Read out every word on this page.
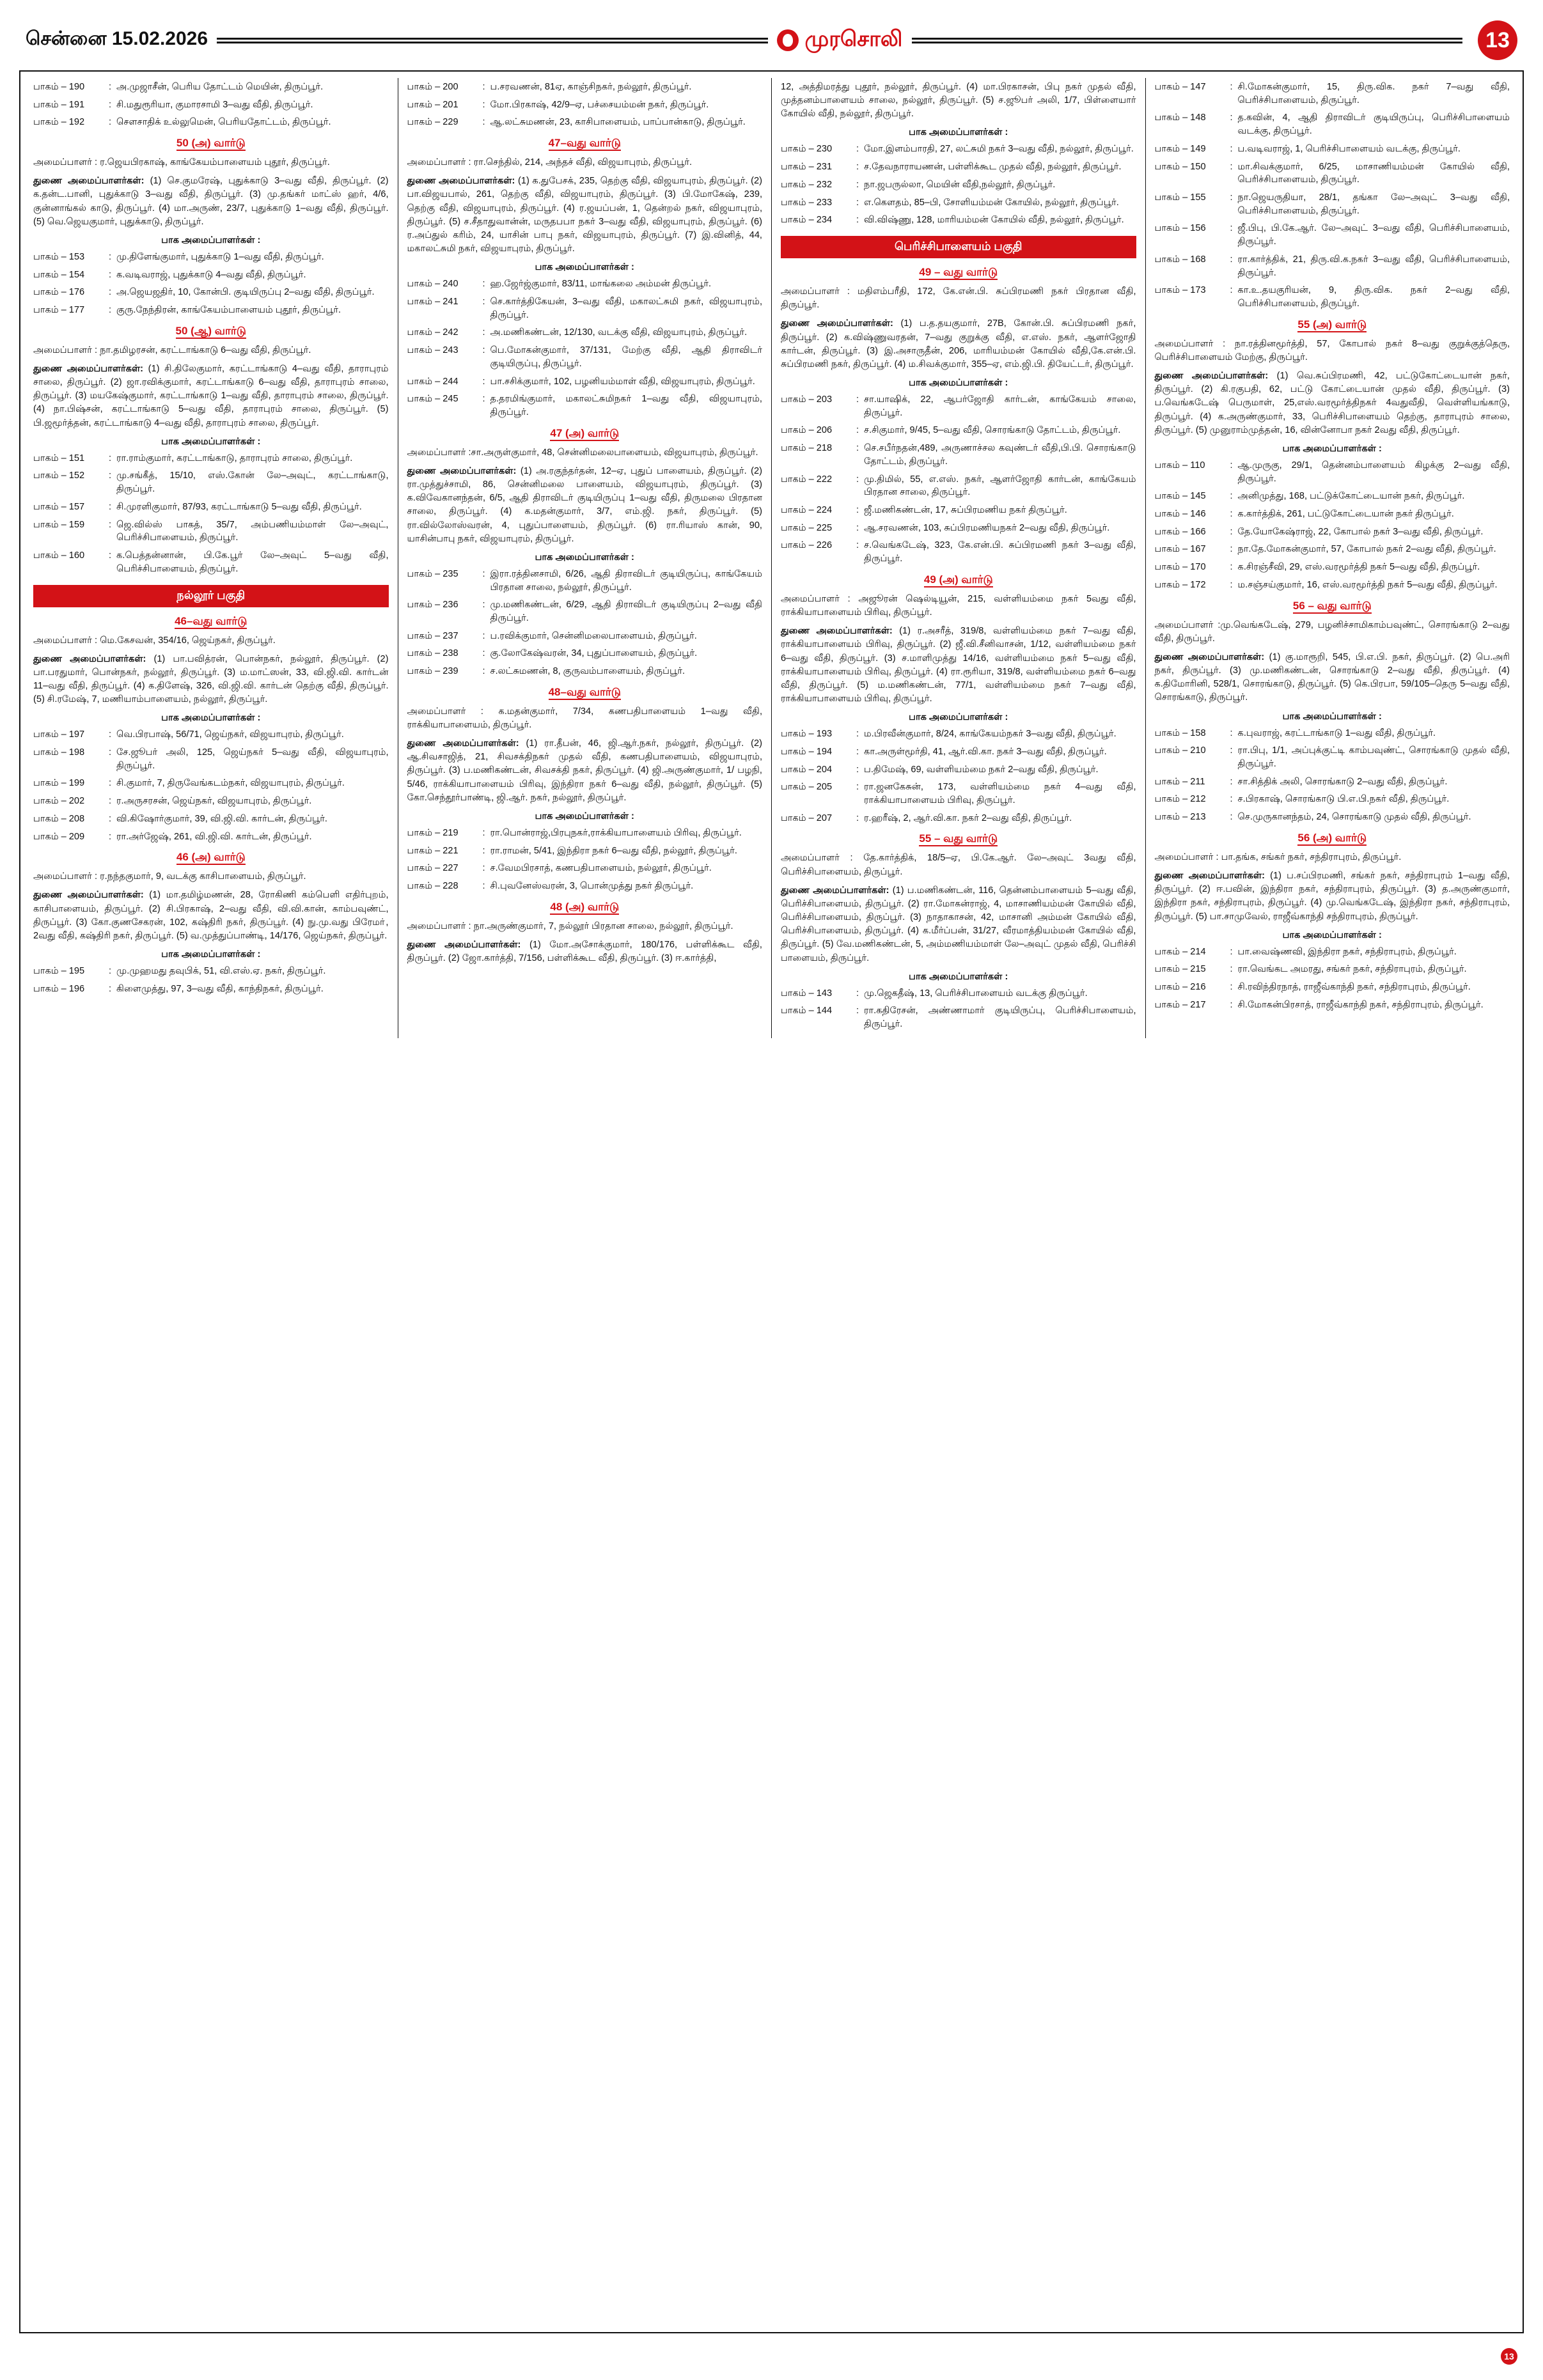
சென்னை 15.02.2026	முரசொலி	13
பாகம் – 190	: அ.முஜாசீன், பெரிய தோட்டம் மெயின், திருப்பூர்.
பாகம் – 191	: சி.மதுரூரியா, குமாரசாமி 3–வது வீதி, திருப்பூர்.
பாகம் – 192	: சௌசாதிக் உல்லுமென், பெரியதோட்டம், திருப்பூர்.
50 (அ) வார்டு
அமைப்பாளர் : ர.ஜெயபிரகாஷ், காங்கேயம்பாளையம் புதூர், திருப்பூர்.
துணை அமைப்பாளர்கள்: (1) செ.குமரேஷ், புதுக்காடு 3–வது வீதி, திருப்பூர். (2) க.தன்ட.பானி, புதுக்காடு 3–வது வீதி, திருப்பூர். (3) மு.தங்கர் மாட்ஸ் ஹர், 4/6, குன்னாங்கல் காடு, திருப்பூர். (4) மா.அருண், 23/7, புதுக்காடு 1–வது வீதி, திருப்பூர். (5) வெ.ஜெயகுமார், புதுக்காடு, திருப்பூர்.
பாக அமைப்பாளர்கள் :
பாகம் – 153	: மு.திளேங்குமார், புதுக்காடு 1–வது வீதி, திருப்பூர்.
பாகம் – 154	: க.வடிவராஜ், புதுக்காடு 4–வது வீதி, திருப்பூர்.
பாகம் – 176	: அ.ஜெயஜதிர், 10, கோன்பி. குடியிருப்பு 2–வது வீதி, திருப்பூர்.
பாகம் – 177	: குரு.நேந்திரன், காங்கேயம்பாளையம் புதூர், திருப்பூர்.
50 (ஆ) வார்டு
அமைப்பாளர் : நா.தமிழரசன், கரட்டாங்காடு 6–வது வீதி, திருப்பூர்.
துணை அமைப்பாளர்கள்: (1) சி.திலேகுமார், கரட்டாங்காடு 4–வது வீதி, தாராபுரம் சாலை, திருப்பூர். (2) ஜா.ரவிக்குமார், கரட்டாங்காடு 6–வது வீதி, தாராபுரம் சாலை, திருப்பூர். (3) மயகேஷ்குமார், கரட்டாங்காடு 1–வது வீதி, தாராபுரம் சாலை, திருப்பூர். (4) நா.பிஷ்சன், கரட்டாங்காடு 5–வது வீதி, தாராபுரம் சாலை, திருப்பூர். (5) பி.ஜமூர்த்தன், கரட்டாங்காடு 4–வது வீதி, தாராபுரம் சாலை, திருப்பூர்.
பாக அமைப்பாளர்கள் :
பாகம் – 151	: ரா.ராம்குமார், கரட்டாங்காடு, தாராபுரம் சாலை, திருப்பூர்.
பாகம் – 152	: மு.சங்கீத், 15/10, எஸ்.கோன் லே–அவுட், கரட்டாங்காடு, திருப்பூர்.
பாகம் – 157	: சி.முரளிகுமார், 87/93, கரட்டாங்காடு 5–வது வீதி, திருப்பூர்.
பாகம் – 159	: ஜெ.வில்ஸ் பாகத், 35/7, அம்பணியம்மாள் லே–அவுட், பெரிச்சிபாளையம், திருப்பூர்.
பாகம் – 160	: க.பெத்தன்னான், பி.கே.பூர் லே–அவுட் 5–வது வீதி, பெரிச்சிபாளையம், திருப்பூர்.
நல்லூர் பகுதி
46–வது வார்டு
அமைப்பாளர் : மெ.கேசவன், 354/16, ஜெய்நகர், திருப்பூர்.
துணை அமைப்பாளர்கள்: (1) பா.பவித்ரன், பொன்நகர், நல்லூர், திருப்பூர். (2) பா.பரதுமார், பொன்நகர், நல்லூர், திருப்பூர். (3) ம.மாட்ஸன், 33, வி.ஜி.வி. கார்டன் 11–வது வீதி, திருப்பூர். (4) க.திளேஷ், 326, வி.ஜி.வி. கார்டன் தெற்கு வீதி, திருப்பூர். (5) சி.ரமேஷ், 7, மணியாம்பாளையம், நல்லூர், திருப்பூர்.
பாக அமைப்பாளர்கள் :
பாகம் – 197	: வெ.பிரபாஷ், 56/71, ஜெய்நகர், விஜயாபுரம், திருப்பூர்.
பாகம் – 198	: சே.ஜூபர் அலி, 125, ஜெய்நகர் 5–வது வீதி, விஜயாபுரம், திருப்பூர்.
பாகம் – 199	: சி.குமார், 7, திருவேங்கடம்நகர், விஜயாபுரம், திருப்பூர்.
பாகம் – 202	: ர.அருசரசன், ஜெய்நகர், விஜயாபுரம், திருப்பூர்.
பாகம் – 208	: வி.கிஷோர்குமார், 39, வி.ஜி.வி. கார்டன், திருப்பூர்.
பாகம் – 209	: ரா.அர்ஜேஷ், 261, வி.ஜி.வி. கார்டன், திருப்பூர்.
46 (அ) வார்டு
அமைப்பாளர் : ர.நந்தகுமார், 9, வடக்கு காசிபாளையம், திருப்பூர்.
துணை அமைப்பாளர்கள்: (1) மா.தமிழ்மணன், 28, ரோகிணி கம்பெளி எதிர்புறம், காசிபாளையம், திருப்பூர். (2) சி.பிரகாஷ், 2–வது வீதி, வி.வி.கான், காம்பவுண்ட், திருப்பூர். (3) கோ.குணசேகரன், 102, கஷ்திரி நகர், திருப்பூர். (4) நு.மு.வது பிரேமா், 2வது வீதி, கஷ்திரி நகர், திருப்பூர். (5) வ.முத்துப்பாண்டி, 14/176, ஜெய்நகர், திருப்பூர்.
பாக அமைப்பாளர்கள் :
பாகம் – 195	: மு.முஹமது தவுபிக், 51, வி.எஸ்.ஏ. நகர், திருப்பூர்.
பாகம் – 196	: கிளைமுத்து, 97, 3–வது வீதி, காந்திநகர், திருப்பூர்.
பாகம் – 200	: ப.சரவணன், 81ஏ, காஞ்சிநகர், நல்லூர், திருப்பூர்.
பாகம் – 201	: மோ.பிரகாஷ், 42/9–ஏ, பச்சையம்மன் நகர், திருப்பூர்.
பாகம் – 229	: ஆ.லட்சுமணன், 23, காசிபாளையம், பாப்பான்காடு, திருப்பூர்.
47–வது வார்டு
அமைப்பாளர் : ரா.செந்தில், 214, அந்தச் வீதி, விஜயாபுரம், திருப்பூர்.
துணை அமைப்பாளர்கள்: (1) க.துபேசக், 235, தெற்கு வீதி, விஜயாபுரம், திருப்பூர். (2) பா.விஜயபால், 261, தெற்கு வீதி, விஜயாபுரம், திருப்பூர். (3) பி.மோகேஷ், 239, தெற்கு வீதி, விஜயாபுரம், திருப்பூர். (4) ர.ஜயப்பன், 1, தென்றல் நகர், விஜயாபுரம், திருப்பூர். (5) ச.சீதாதுவான்ன், மருதபபா நகர் 3–வது வீதி, விஜயாபுரம், திருப்பூர். (6) ர.அப்துல் கரிம், 24, யாசின் பாபு நகர், விஜயாபுரம், திருப்பூர். (7) இ.வினித், 44, மகாலட்சுமி நகர், விஜயாபுரம், திருப்பூர்.
பாக அமைப்பாளர்கள் :
பாகம் – 240	: ஹ.ஜேர்ஜ்குமார், 83/11, மாங்கலை அம்மன் திருப்பூர்.
பாகம் – 241	: செ.கார்த்திகேயன், 3–வது வீதி, மகாலட்சுமி நகர், விஜயாபுரம், திருப்பூர்.
பாகம் – 242	: அ.மணிகண்டன், 12/130, வடக்கு வீதி, விஜயாபுரம், திருப்பூர்.
பாகம் – 243	: பெ.மோகன்குமார், 37/131, மேற்கு வீதி, ஆதி திராவிடர் குடியிருப்பு, திருப்பூர்.
பாகம் – 244	: பா.சசிக்குமார், 102, பழனியம்மாள் வீதி, விஜயாபுரம், திருப்பூர்.
பாகம் – 245	: த.தரமிங்குமார், மகாலட்சுமிநகர் 1–வது வீதி, விஜயாபுரம், திருப்பூர்.
47 (அ) வார்டு
அமைப்பாளர் :சா.அருள்குமார், 48, சென்னிமலைபாளையம், விஜயாபுரம், திருப்பூர்.
துணை அமைப்பாளர்கள்: (1) அ.ரகுந்தர்தன், 12–ஏ, புதுப் பாளையம், திருப்பூர். (2) ரா.முத்துச்சாமி, 86, சென்னிமலை பாளையம், விஜயாபுரம், திருப்பூர். (3) க.விவேகானந்தன், 6/5, ஆதி திராவிடர் குடியிருப்பு 1–வது வீதி, திருமலை பிரதான சாலை, திருப்பூர். (4) க.மதன்குமார், 3/7, எம்.ஜி. நகர், திருப்பூர். (5) ரா.வில்லோஸ்வரன், 4, புதுப்பாளையம், திருப்பூர். (6) ரா.ரியாஸ் கான், 90, யாசின்பாபு நகர், விஜயாபுரம், திருப்பூர்.
பாக அமைப்பாளர்கள் :
பாகம் – 235	: இரா.ரத்தினசாமி, 6/26, ஆதி திராவிடர் குடியிருப்பு, காங்கேயம் பிரதான சாலை, நல்லூர், திருப்பூர்.
பாகம் – 236	: மு.மணிகண்டன், 6/29, ஆதி திராவிடர் குடியிருப்பு 2–வது வீதி திருப்பூர்.
பாகம் – 237	: ப.ரவிக்குமார், சென்னிமலைபாளையம், திருப்பூர்.
பாகம் – 238	: கு.லோகேஷ்வரன், 34, புதுப்பாளையம், திருப்பூர்.
பாகம் – 239	: ச.லட்சுமணன், 8, குருவம்பாளையம், திருப்பூர்.
48–வது வார்டு
அமைப்பாளர் : க.மதன்குமார், 7/34, கணபதிபாளையம் 1–வது வீதி, ராக்கியாபாளையம், திருப்பூர்.
துணை அமைப்பாளர்கள்: (1) ரா.தீபன், 46, ஜி.ஆர்.நகர், நல்லூர், திருப்பூர். (2) ஆ.சிவசாஜித், 21, சிவசக்திநகர் முதல் வீதி, கணபதிபாளையம், விஜயாபுரம், திருப்பூர். (3) ப.மணிகண்டன், சிவசக்தி நகர், திருப்பூர். (4) ஜி.அருண்குமார், 1/ பழநி, 5/46, ராக்கியாபாளையம் பிரிவு, இந்திரா நகர் 6–வது வீதி, நல்லூர், திருப்பூர். (5) கோ.செந்தூர்பாண்டி, ஜி.ஆர். நகர், நல்லூர், திருப்பூர்.
பாக அமைப்பாளர்கள் :
பாகம் – 219	: ரா.பொன்ராஜ்,பிரபுநகர்,ராக்கியாபாளையம் பிரிவு, திருப்பூர்.
பாகம் – 221	: ரா.ராமன், 5/41, இந்திரா நகர் 6–வது வீதி, நல்லூர், திருப்பூர்.
பாகம் – 227	: ச.வேமபிரசாத், கணபதிபாளையம், நல்லூர், திருப்பூர்.
பாகம் – 228	: சி.புவனேஸ்வரன், 3, பொன்முத்து நகர் திருப்பூர்.
48 (அ) வார்டு
அமைப்பாளர் : நா.அருண்குமார், 7, நல்லூர் பிரதான சாலை, நல்லூர், திருப்பூர்.
துணை அமைப்பாளர்கள்: (1) மோ.அசோக்குமார், 180/176, பள்ளிக்கூட வீதி, திருப்பூர். (2) ஜோ.கார்த்தி, 7/156, பள்ளிக்கூட வீதி, திருப்பூர். (3) ஈ.கார்த்தி,
12, அத்திமரத்து புதூர், நல்லூர், திருப்பூர். (4) மா.பிரகாசன், பிபு நகர் முதல் வீதி, முத்தனம்பாளையம் சாலை, நல்லூர், திருப்பூர். (5) ச.ஜூபர் அலி, 1/7, பிள்ளையார் கோயில் வீதி, நல்லூர், திருப்பூர்.
பாக அமைப்பாளர்கள் :
பாகம் – 230	: மோ.இளம்பாரதி, 27, லட்சுமி நகர் 3–வது வீதி, நல்லூர், திருப்பூர்.
பாகம் – 231	: ச.தேவநாராயணன், பள்ளிக்கூட முதல் வீதி, நல்லூர், திருப்பூர்.
பாகம் – 232	: நா.ஜபருல்லா, மெயின் வீதி,நல்லூர், திருப்பூர்.
பாகம் – 233	: எ.கௌதம், 85–பி, சோளியம்மன் கோயில், நல்லூர், திருப்பூர்.
பாகம் – 234	: வி.விஷ்ணு, 128, மாரியம்மன் கோயில் வீதி, நல்லூர், திருப்பூர்.
பெரிச்சிபாளையம் பகுதி
49 – வது வார்டு
அமைப்பாளர் : மதிஎம்பரீதி, 172, கே.என்.பி. சுப்பிரமணி நகர் பிரதான வீதி, திருப்பூர்.
துணை அமைப்பாளர்கள்: (1) ப.த.தயகுமார், 27B, கோன்.பி. சுப்பிரமணி நகர், திருப்பூர். (2) க.விஷ்ணுவரதன், 7–வது குறுக்கு வீதி, எ.எஸ். நகர், ஆளர்ஜோதி கார்டன், திருப்பூர். (3) இ.அசாருதீன், 206, மாரியம்மன் கோயில் வீதி,கே.என்.பி. சுப்பிரமணி நகர், திருப்பூர். (4) ம.சிவக்குமார், 355–ஏ, எம்.ஜி.பி. தியேட்டர், திருப்பூர்.
பாக அமைப்பாளர்கள் :
பாகம் – 203	: சா.யாஷிக், 22, ஆபர்ஜோதி கார்டன், காங்கேயம் சாலை, திருப்பூர்.
பாகம் – 206	: ச.சிகுமார், 9/45, 5–வது வீதி, சொரங்காடு தோட்டம், திருப்பூர்.
பாகம் – 218	: செ.சபீர்நதன்,489, அருணாச்சல கவுண்டர் வீதி,பி.பி. சொரங்காடு தோட்டம், திருப்பூர்.
பாகம் – 222	: மு.திமில், 55, எ.எஸ். நகர், ஆளர்ஜோதி கார்டன், காங்கேயம் பிரதான சாலை, திருப்பூர்.
பாகம் – 224	: ஜீ.மணிகண்டன், 17, சுப்பிரமணிய நகர் திருப்பூர்.
பாகம் – 225	: ஆ.சரவணன், 103, சுப்பிரமணியநகர் 2–வது வீதி, திருப்பூர்.
பாகம் – 226	: ச.வெங்கடேஷ், 323, கே.என்.பி. சுப்பிரமணி நகர் 3–வது வீதி, திருப்பூர்.
49 (அ) வார்டு
அமைப்பாளர் : அஜூரன் ஷெல்டியூன், 215, வள்ளியம்மை நகர் 5வது வீதி, ராக்கியாபாளையம் பிரிவு, திருப்பூர்.
துணை அமைப்பாளர்கள்: (1) ர.அசரீத், 319/8, வள்ளியம்மை நகர் 7–வது வீதி, ராக்கியாபாளையம் பிரிவு, திருப்பூர். (2) ஜீ.வி.சீனிவாசன், 1/12, வள்ளியம்மை நகர் 6–வது வீதி, திருப்பூர். (3) ச.மாளிமுத்து 14/16, வள்ளியம்மை நகர் 5–வது வீதி, ராக்கியாபாளையம் பிரிவு, திருப்பூர். (4) ரா.ரூரியா, 319/8, வள்ளியம்மை நகர் 6–வது வீதி, திருப்பூர். (5) ம.மணிகண்டன், 77/1, வள்ளியம்மை நகர் 7–வது வீதி, ராக்கியாபாளையம் பிரிவு, திருப்பூர்.
பாக அமைப்பாளர்கள் :
பாகம் – 193	: ம.பிரவீன்குமார், 8/24, காங்கேயம்நகர் 3–வது வீதி, திருப்பூர்.
பாகம் – 194	: கா.அருள்மூர்தி, 41, ஆர்.வி.கா. நகர் 3–வது வீதி, திருப்பூர்.
பாகம் – 204	: ப.திமேஷ், 69, வள்ளியம்மை நகர் 2–வது வீதி, திருப்பூர்.
பாகம் – 205	: ரா.ஜனகேசுன், 173, வள்ளியம்மை நகர் 4–வது வீதி, ராக்கியாபாளையம் பிரிவு, திருப்பூர்.
பாகம் – 207	: ர.ஹரீஷ், 2, ஆர்.வி.கா. நகர் 2–வது வீதி, திருப்பூர்.
55 – வது வார்டு
அமைப்பாளர் : தே.கார்த்திக், 18/5–ஏ, பி.கே.ஆர். லே–அவுட் 3வது வீதி, பெரிச்சிபாளையம், திருப்பூர்.
துணை அமைப்பாளர்கள்: (1) ப.மணிகண்டன், 116, தென்னம்பாளையம் 5–வது வீதி, பெரிச்சிபாளையம், திருப்பூர். (2) ரா.மோகன்ராஜ், 4, மாசாணியம்மன் கோயில் வீதி, பெரிச்சிபாளையம், திருப்பூர். (3) நாதாகாசன், 42, மாசானி அம்மன் கோயில் வீதி, பெரிச்சிபாளையம், திருப்பூர். (4) க.மீர்ப்பன், 31/27, வீரமாத்தியம்மன் கோயில் வீதி, திருப்பூர். (5) வே.மணிகண்டன், 5, அம்மணியம்மாள் லே–அவுட் முதல் வீதி, பெரிச்சி பாளையம், திருப்பூர்.
பாக அமைப்பாளர்கள் :
பாகம் – 143	: மு.ஜெகதீஷ், 13, பெரிச்சிபாளையம் வடக்கு திருப்பூர்.
பாகம் – 144	: ரா.கதிரேசன், அண்ணாமார் குடியிருப்பு, பெரிச்சிபாளையம், திருப்பூர்.
பாகம் – 147	: சி.மோகன்குமார், 15, திரு.விக. நகர் 7–வது வீதி, பெரிச்சிபாளையம், திருப்பூர்.
பாகம் – 148	: த.கவின், 4, ஆதி திராவிடர் குடியிருப்பு, பெரிச்சிபாளையம் வடக்கு, திருப்பூர்.
பாகம் – 149	: ப.வடிவராஜ், 1, பெரிச்சிபாளையம் வடக்கு, திருப்பூர்.
பாகம் – 150	: மா.சிவக்குமார், 6/25, மாசாணியம்மன் கோயில் வீதி, பெரிச்சிபாளையம், திருப்பூர்.
பாகம் – 155	: நா.ஜெயருதியா, 28/1, தங்கா லே–அவுட் 3–வது வீதி, பெரிச்சிபாளையம், திருப்பூர்.
பாகம் – 156	: ஜீ.பிபு, பி.கே.ஆர். லே–அவுட் 3–வது வீதி, பெரிச்சிபாளையம், திருப்பூர்.
பாகம் – 168	: ரா.கார்த்திக், 21, திரு.வி.க.நகர் 3–வது வீதி, பெரிச்சிபாளையம், திருப்பூர்.
பாகம் – 173	: கா.உ.தயகுரியன், 9, திரு.விக. நகர் 2–வது வீதி, பெரிச்சிபாளையம், திருப்பூர்.
55 (அ) வார்டு
அமைப்பாளர் : நா.ரத்தினமூர்த்தி, 57, கோபால் நகர் 8–வது குறுக்குத்தெரு, பெரிச்சிபாளையம் மேற்கு, திருப்பூர்.
துணை அமைப்பாளர்கள்: (1) வெ.சுப்பிரமணி, 42, பட்டுகோட்டையான் நகர், திருப்பூர். (2) கி.ரகுபதி, 62, பட்டு கோட்டையான் முதல் வீதி, திருப்பூர். (3) ப.வெங்கடேஷ் பெருமாள், 25,எஸ்.வரமூர்த்திநகர் 4வதுவீதி, வெள்ளியங்காடு, திருப்பூர். (4) க.அருண்குமார், 33, பெரிச்சிபாளையம் தெற்கு, தாராபுரம் சாலை, திருப்பூர். (5) முனுராம்முத்தன், 16, வின்னோபா நகர் 2வது வீதி, திருப்பூர்.
பாக அமைப்பாளர்கள் :
பாகம் – 110	: ஆ.முருகு, 29/1, தென்னம்பாளையம் கிழக்கு 2–வது வீதி, திருப்பூர்.
பாகம் – 145	: அனிமுத்து, 168, பட்டுக்கோட்டையான் நகர், திருப்பூர்.
பாகம் – 146	: க.கார்த்திக், 261, பட்டுகோட்டையான் நகர் திருப்பூர்.
பாகம் – 166	: தே.யோகேஷ்ராஜ், 22, கோபால் நகர் 3–வது வீதி, திருப்பூர்.
பாகம் – 167	: நா.தே.மோகன்குமார், 57, கோபால் நகர் 2–வது வீதி, திருப்பூர்.
பாகம் – 170	: க.சிரஞ்சீவி, 29, எஸ்.வரமூர்த்தி நகர் 5–வது வீதி, திருப்பூர்.
பாகம் – 172	: ம.சஞ்சய்குமார், 16, எஸ்.வரமூர்த்தி நகர் 5–வது வீதி, திருப்பூர்.
56 – வது வார்டு
அமைப்பாளர் :மு.வெங்கடேஷ், 279, பழனிச்சாமிகாம்பவுண்ட், சொரங்காடு 2–வது வீதி, திருப்பூர்.
துணை அமைப்பாளர்கள்: (1) கு.மாரூறி, 545, பி.எ.பி. நகர், திருப்பூர். (2) பெ.அரி நகர், திருப்பூர். (3) மு.மணிகண்டன், சொரங்காடு 2–வது வீதி, திருப்பூர். (4) க.திமோரினி, 528/1, சொரங்காடு, திருப்பூர். (5) கெ.பிரபா, 59/105–தெரு 5–வது வீதி, சொரங்காடு, திருப்பூர்.
பாக அமைப்பாளர்கள் :
பாகம் – 158	: க.புவராஜ், கரட்டாங்காடு 1–வது வீதி, திருப்பூர்.
பாகம் – 210	: ரா.பிபு, 1/1, அப்புக்குட்டி காம்பவுண்ட், சொரங்காடு முதல் வீதி, திருப்பூர்.
பாகம் – 211	: சா.சித்திக் அலி, சொரங்காடு 2–வது வீதி, திருப்பூர்.
பாகம் – 212	: ச.பிரகாஷ், சொரங்காடு பி.எ.பி.நகர் வீதி, திருப்பூர்.
பாகம் – 213	: செ.முருகானந்தம், 24, சொரங்காடு முதல் வீதி, திருப்பூர்.
56 (அ) வார்டு
அமைப்பாளர் : பா.தங்க, சங்கர் நகர், சந்திராபுரம், திருப்பூர்.
துணை அமைப்பாளர்கள்: (1) ப.சப்பிரமணி, சங்கர் நகர், சந்திராபுரம் 1–வது வீதி, திருப்பூர். (2) ஈ.பவின், இந்திரா நகர், சந்திராபுரம், திருப்பூர். (3) த.அருண்குமார், இந்திரா நகர், சந்திராபுரம், திருப்பூர். (4) மு.வெங்கடேஷ், இந்திரா நகர், சந்திராபுரம், திருப்பூர். (5) பா.சாமுவேல், ராஜீவ்காந்தி சந்திராபுரம், திருப்பூர்.
பாக அமைப்பாளர்கள் :
பாகம் – 214	: பா.வைஷ்ணவி, இந்திரா நகர், சந்திராபுரம், திருப்பூர்.
பாகம் – 215	: ரா.வெங்கட அமரது, சங்கர் நகர், சந்திராபுரம், திருப்பூர்.
பாகம் – 216	: சி.ரவிந்திரநாத், ராஜீவ்காந்தி நகர், சந்திராபுரம், திருப்பூர்.
பாகம் – 217	: சி.மோகன்பிரசாத், ராஜீவ்காந்தி நகர், சந்திராபுரம், திருப்பூர்.
13
